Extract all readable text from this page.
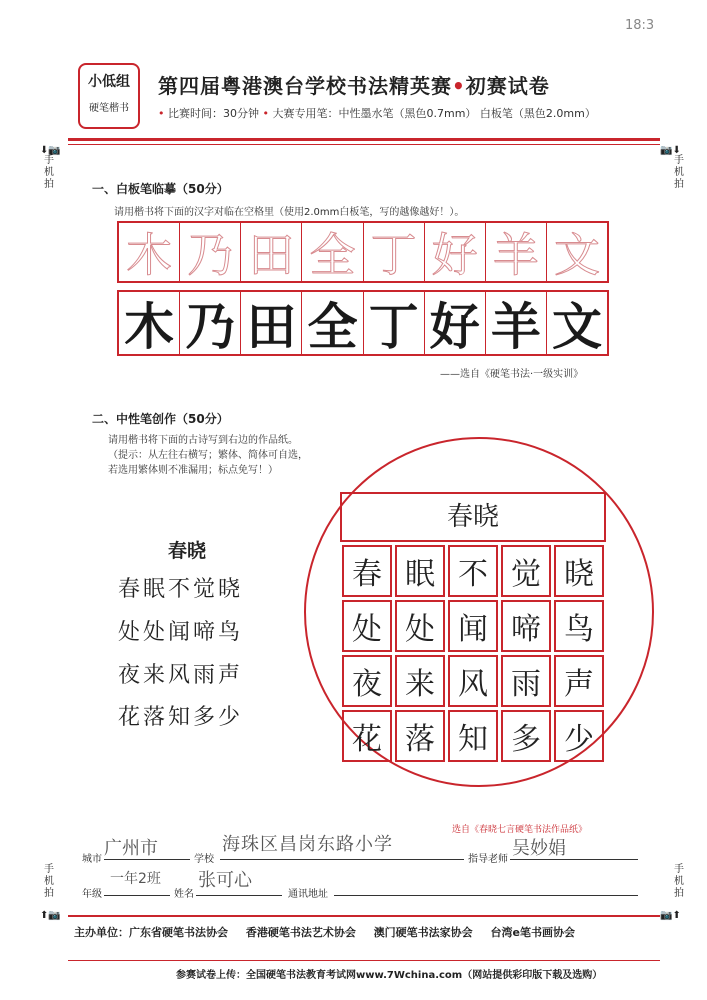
18:3
小低组
硬笔楷书
第四届粤港澳台学校书法精英赛•初赛试卷
• 比赛时间：30分钟 • 大赛专用笔：中性墨水笔（黑色0.7mm） 白板笔（黑色2.0mm）
⬇📷
手机拍
📷⬇
手机拍
手机拍
⬆📷
手机拍
📷⬆
一、白板笔临摹（50分）
请用楷书将下面的汉字对临在空格里（使用2.0mm白板笔，写的越像越好！）。
木 乃 田 全 丁 好 羊 文
木 乃 田 全 丁 好 羊 文
——选自《硬笔书法·一级实训》
二、中性笔创作（50分）
请用楷书将下面的古诗写到右边的作品纸。
（提示：从左往右横写；繁体、简体可自选，
若选用繁体则不准漏用；标点免写！）
春晓
春眠不觉晓
处处闻啼鸟
夜来风雨声
花落知多少
春晓
春 眠 不 觉 晓
处 处 闻 啼 鸟
夜 来 风 雨 声
花 落 知 多 少
选自《春晓七言硬笔书法作品纸》
城市
广州市
学校
海珠区昌岗东路小学
指导老师
吴妙娟
年级
一年2班
姓名
张可心
通讯地址
主办单位：广东省硬笔书法协会 香港硬笔书法艺术协会 澳门硬笔书法家协会 台湾e笔书画协会
参赛试卷上传：全国硬笔书法教育考试网www.7Wchina.com（网站提供彩印版下载及选购）
